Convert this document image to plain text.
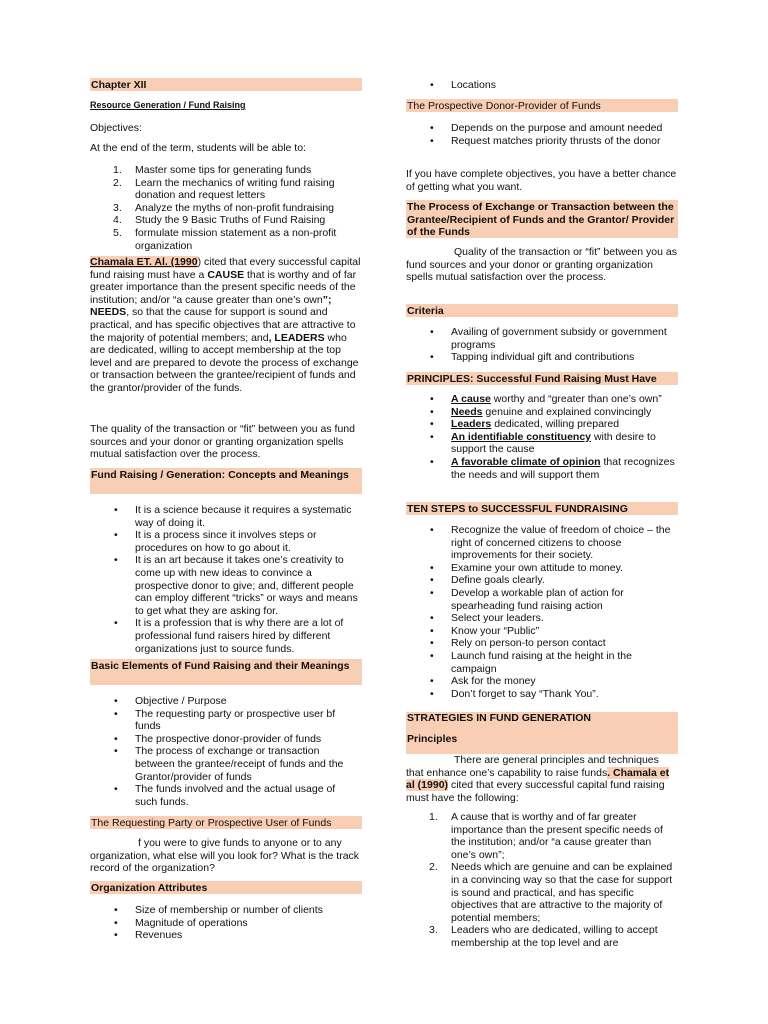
Chapter XII
Resource Generation / Fund Raising
Objectives:
At the end of the term, students will be able to:
1. Master some tips for generating funds
2. Learn the mechanics of writing fund raising donation and request letters
3. Analyze the myths of non-profit fundraising
4. Study the 9 Basic Truths of Fund Raising
5. formulate mission statement as a non-profit organization
Chamala ET. Al. (1990) cited that every successful capital fund raising must have a CAUSE that is worthy and of far greater importance than the present specific needs of the institution; and/or “a cause greater than one’s own”; NEEDS, so that the cause for support is sound and practical, and has specific objectives that are attractive to the majority of potential members; and, LEADERS who are dedicated, willing to accept membership at the top level and are prepared to devote the process of exchange or transaction between the grantee/recipient of funds and the grantor/provider of the funds.
The quality of the transaction or “fit” between you as fund sources and your donor or granting organization spells mutual satisfaction over the process.
Fund Raising / Generation: Concepts and Meanings
• It is a science because it requires a systematic way of doing it.
• It is a process since it involves steps or procedures on how to go about it.
• It is an art because it takes one’s creativity to come up with new ideas to convince a prospective donor to give; and, different people can employ different “tricks” or ways and means to get what they are asking for.
• It is a profession that is why there are a lot of professional fund raisers hired by different organizations just to source funds.
Basic Elements of Fund Raising and their Meanings
• Objective / Purpose
• The requesting party or prospective user bf funds
• The prospective donor-provider of funds
• The process of exchange or transaction between the grantee/receipt of funds and the Grantor/provider of funds
• The funds involved and the actual usage of such funds.
The Requesting Party or Prospective User of Funds
f you were to give funds to anyone or to any organization, what else will you look for? What is the track record of the organization?
Organization Attributes
• Size of membership or number of clients
• Magnitude of operations
• Revenues
• Locations
The Prospective Donor-Provider of Funds
• Depends on the purpose and amount needed
• Request matches priority thrusts of the donor
If you have complete objectives, you have a better chance of getting what you want.
The Process of Exchange or Transaction between the Grantee/Recipient of Funds and the Grantor/ Provider of the Funds
Quality of the transaction or “fit” between you as fund sources and your donor or granting organization spells mutual satisfaction over the process.
Criteria
• Availing of government subsidy or government programs
• Tapping individual gift and contributions
PRINCIPLES: Successful Fund Raising Must Have
• A cause worthy and “greater than one’s own”
• Needs genuine and explained convincingly
• Leaders dedicated, willing prepared
• An identifiable constituency with desire to support the cause
• A favorable climate of opinion that recognizes the needs and will support them
TEN STEPS to SUCCESSFUL FUNDRAISING
• Recognize the value of freedom of choice – the right of concerned citizens to choose improvements for their society.
• Examine your own attitude to money.
• Define goals clearly.
• Develop a workable plan of action for spearheading fund raising action
• Select your leaders.
• Know your “Public”
• Rely on person-to person contact
• Launch fund raising at the height in the campaign
• Ask for the money
• Don’t forget to say “Thank You”.
STRATEGIES IN FUND GENERATION
Principles
There are general principles and techniques that enhance one’s capability to raise funds. Chamala et al (1990) cited that every successful capital fund raising must have the following:
1. A cause that is worthy and of far greater importance than the present specific needs of the institution; and/or “a cause greater than one’s own”;
2. Needs which are genuine and can be explained in a convincing way so that the case for support is sound and practical, and has specific objectives that are attractive to the majority of potential members;
3. Leaders who are dedicated, willing to accept membership at the top level and are
